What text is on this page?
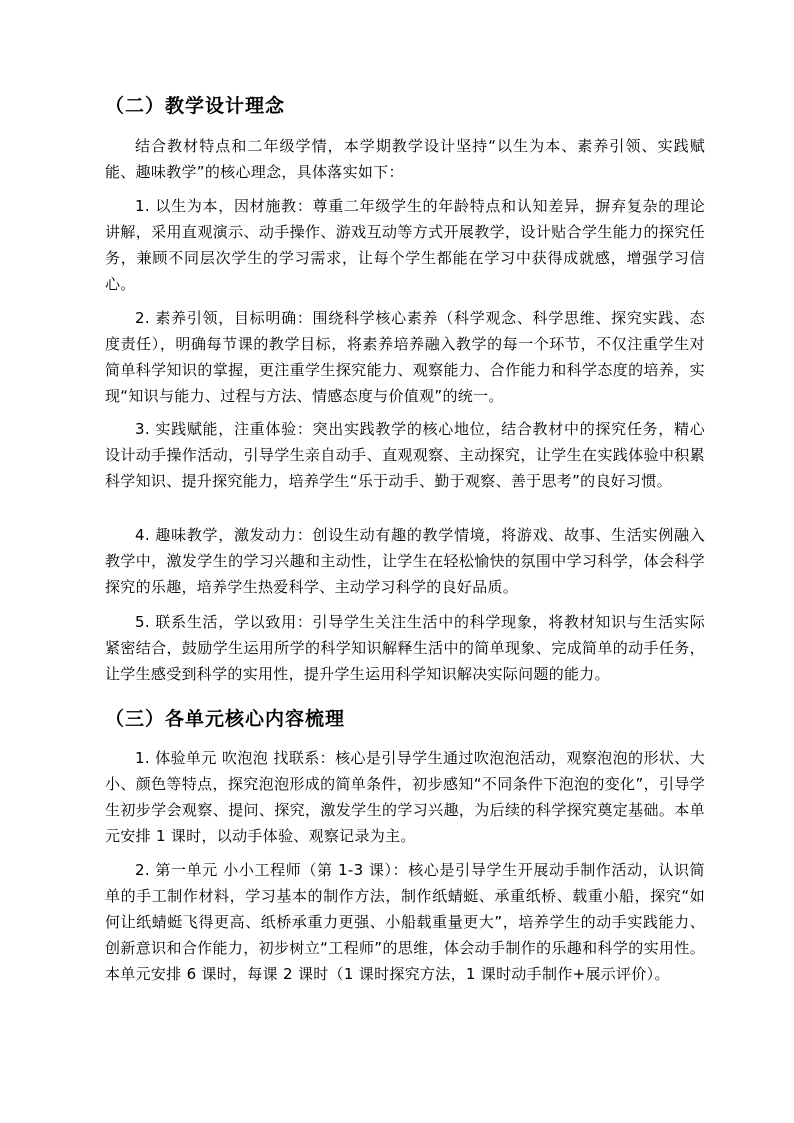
（二）教学设计理念
结合教材特点和二年级学情，本学期教学设计坚持“以生为本、素养引领、实践赋能、趣味教学”的核心理念，具体落实如下：
1. 以生为本，因材施教：尊重二年级学生的年龄特点和认知差异，摒弃复杂的理论讲解，采用直观演示、动手操作、游戏互动等方式开展教学，设计贴合学生能力的探究任务，兼顾不同层次学生的学习需求，让每个学生都能在学习中获得成就感，增强学习信心。
2. 素养引领，目标明确：围绕科学核心素养（科学观念、科学思维、探究实践、态度责任），明确每节课的教学目标，将素养培养融入教学的每一个环节，不仅注重学生对简单科学知识的掌握，更注重学生探究能力、观察能力、合作能力和科学态度的培养，实现“知识与能力、过程与方法、情感态度与价值观”的统一。
3. 实践赋能，注重体验：突出实践教学的核心地位，结合教材中的探究任务，精心设计动手操作活动，引导学生亲自动手、直观观察、主动探究，让学生在实践体验中积累科学知识、提升探究能力，培养学生“乐于动手、勤于观察、善于思考”的良好习惯。
4. 趣味教学，激发动力：创设生动有趣的教学情境，将游戏、故事、生活实例融入教学中，激发学生的学习兴趣和主动性，让学生在轻松愉快的氛围中学习科学，体会科学探究的乐趣，培养学生热爱科学、主动学习科学的良好品质。
5. 联系生活，学以致用：引导学生关注生活中的科学现象，将教材知识与生活实际紧密结合，鼓励学生运用所学的科学知识解释生活中的简单现象、完成简单的动手任务，让学生感受到科学的实用性，提升学生运用科学知识解决实际问题的能力。
（三）各单元核心内容梳理
1. 体验单元 吹泡泡 找联系：核心是引导学生通过吹泡泡活动，观察泡泡的形状、大小、颜色等特点，探究泡泡形成的简单条件，初步感知“不同条件下泡泡的变化”，引导学生初步学会观察、提问、探究，激发学生的学习兴趣，为后续的科学探究奠定基础。本单元安排 1 课时，以动手体验、观察记录为主。
2. 第一单元 小小工程师（第 1-3 课）：核心是引导学生开展动手制作活动，认识简单的手工制作材料，学习基本的制作方法，制作纸蜻蜓、承重纸桥、载重小船，探究“如何让纸蜻蜓飞得更高、纸桥承重力更强、小船载重量更大”，培养学生的动手实践能力、创新意识和合作能力，初步树立“工程师”的思维，体会动手制作的乐趣和科学的实用性。本单元安排 6 课时，每课 2 课时（1 课时探究方法，1 课时动手制作+展示评价）。
